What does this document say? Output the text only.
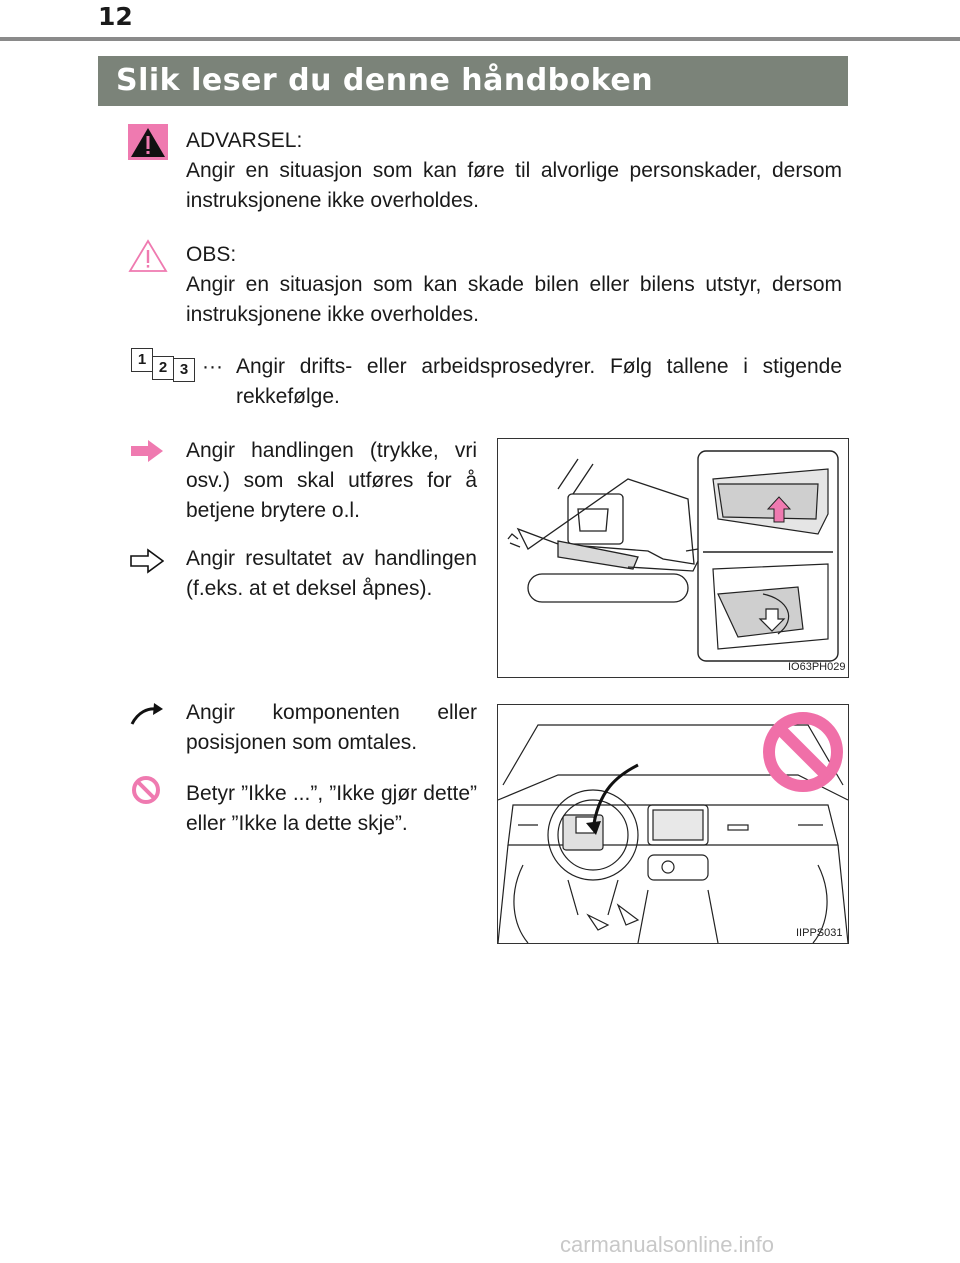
12
Slik leser du denne håndboken
ADVARSEL:
Angir en situasjon som kan føre til alvorlige personskader, dersom instruksjonene ikke overholdes.
OBS:
Angir en situasjon som kan skade bilen eller bilens utstyr, dersom instruksjonene ikke overholdes.
1 2 3 ··· Angir drifts- eller arbeidsprosedyrer. Følg tallene i stigende rekkefølge.
Angir handlingen (trykke, vri osv.) som skal utføres for å betjene brytere o.l.
Angir resultatet av handlingen (f.eks. at et deksel åpnes).
IO63PH029
Angir komponenten eller posisjonen som omtales.
Betyr ”Ikke ...”, ”Ikke gjør dette” eller ”Ikke la dette skje”.
IIPPS031
carmanualsonline.info
